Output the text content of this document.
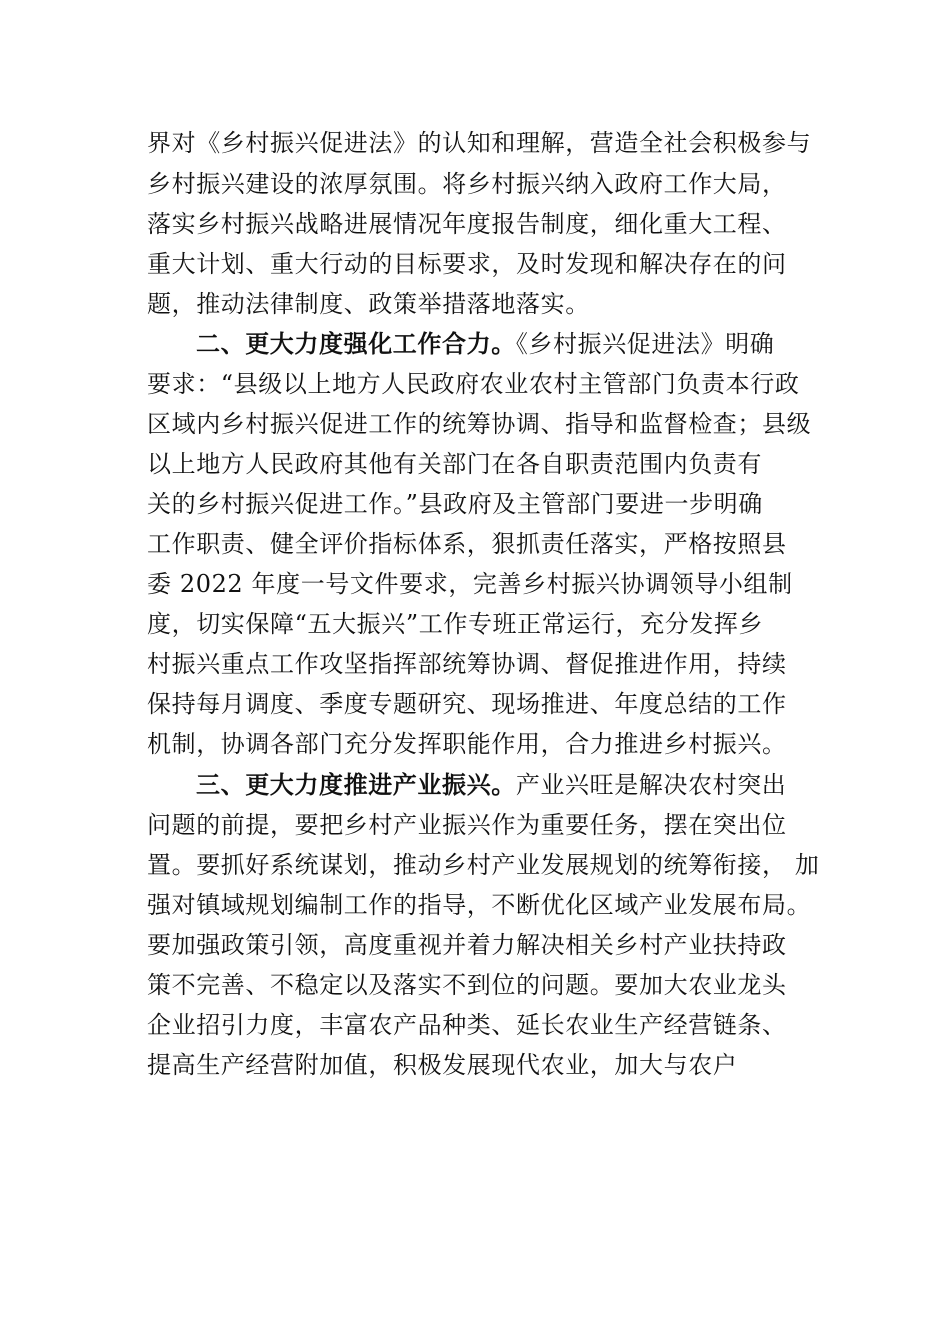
界对《乡村振兴促进法》的认知和理解，营造全社会积极参与
乡村振兴建设的浓厚氛围。将乡村振兴纳入政府工作大局，
落实乡村振兴战略进展情况年度报告制度，细化重大工程、
重大计划、重大行动的目标要求，及时发现和解决存在的问
题，推动法律制度、政策举措落地落实。
二、更大力度强化工作合力。《乡村振兴促进法》明确
要求：“县级以上地方人民政府农业农村主管部门负责本行政
区域内乡村振兴促进工作的统筹协调、指导和监督检查；县级
以上地方人民政府其他有关部门在各自职责范围内负责有
关的乡村振兴促进工作。”县政府及主管部门要进一步明确
工作职责、健全评价指标体系，狠抓责任落实，严格按照县
委 2022 年度一号文件要求，完善乡村振兴协调领导小组制
度，切实保障“五大振兴”工作专班正常运行，充分发挥乡
村振兴重点工作攻坚指挥部统筹协调、督促推进作用，持续
保持每月调度、季度专题研究、现场推进、年度总结的工作
机制，协调各部门充分发挥职能作用，合力推进乡村振兴。
三、更大力度推进产业振兴。产业兴旺是解决农村突出
问题的前提，要把乡村产业振兴作为重要任务，摆在突出位
置。要抓好系统谋划，推动乡村产业发展规划的统筹衔接， 加
强对镇域规划编制工作的指导，不断优化区域产业发展布局。
要加强政策引领，高度重视并着力解决相关乡村产业扶持政
策不完善、不稳定以及落实不到位的问题。要加大农业龙头
企业招引力度，丰富农产品种类、延长农业生产经营链条、
提高生产经营附加值，积极发展现代农业，加大与农户
